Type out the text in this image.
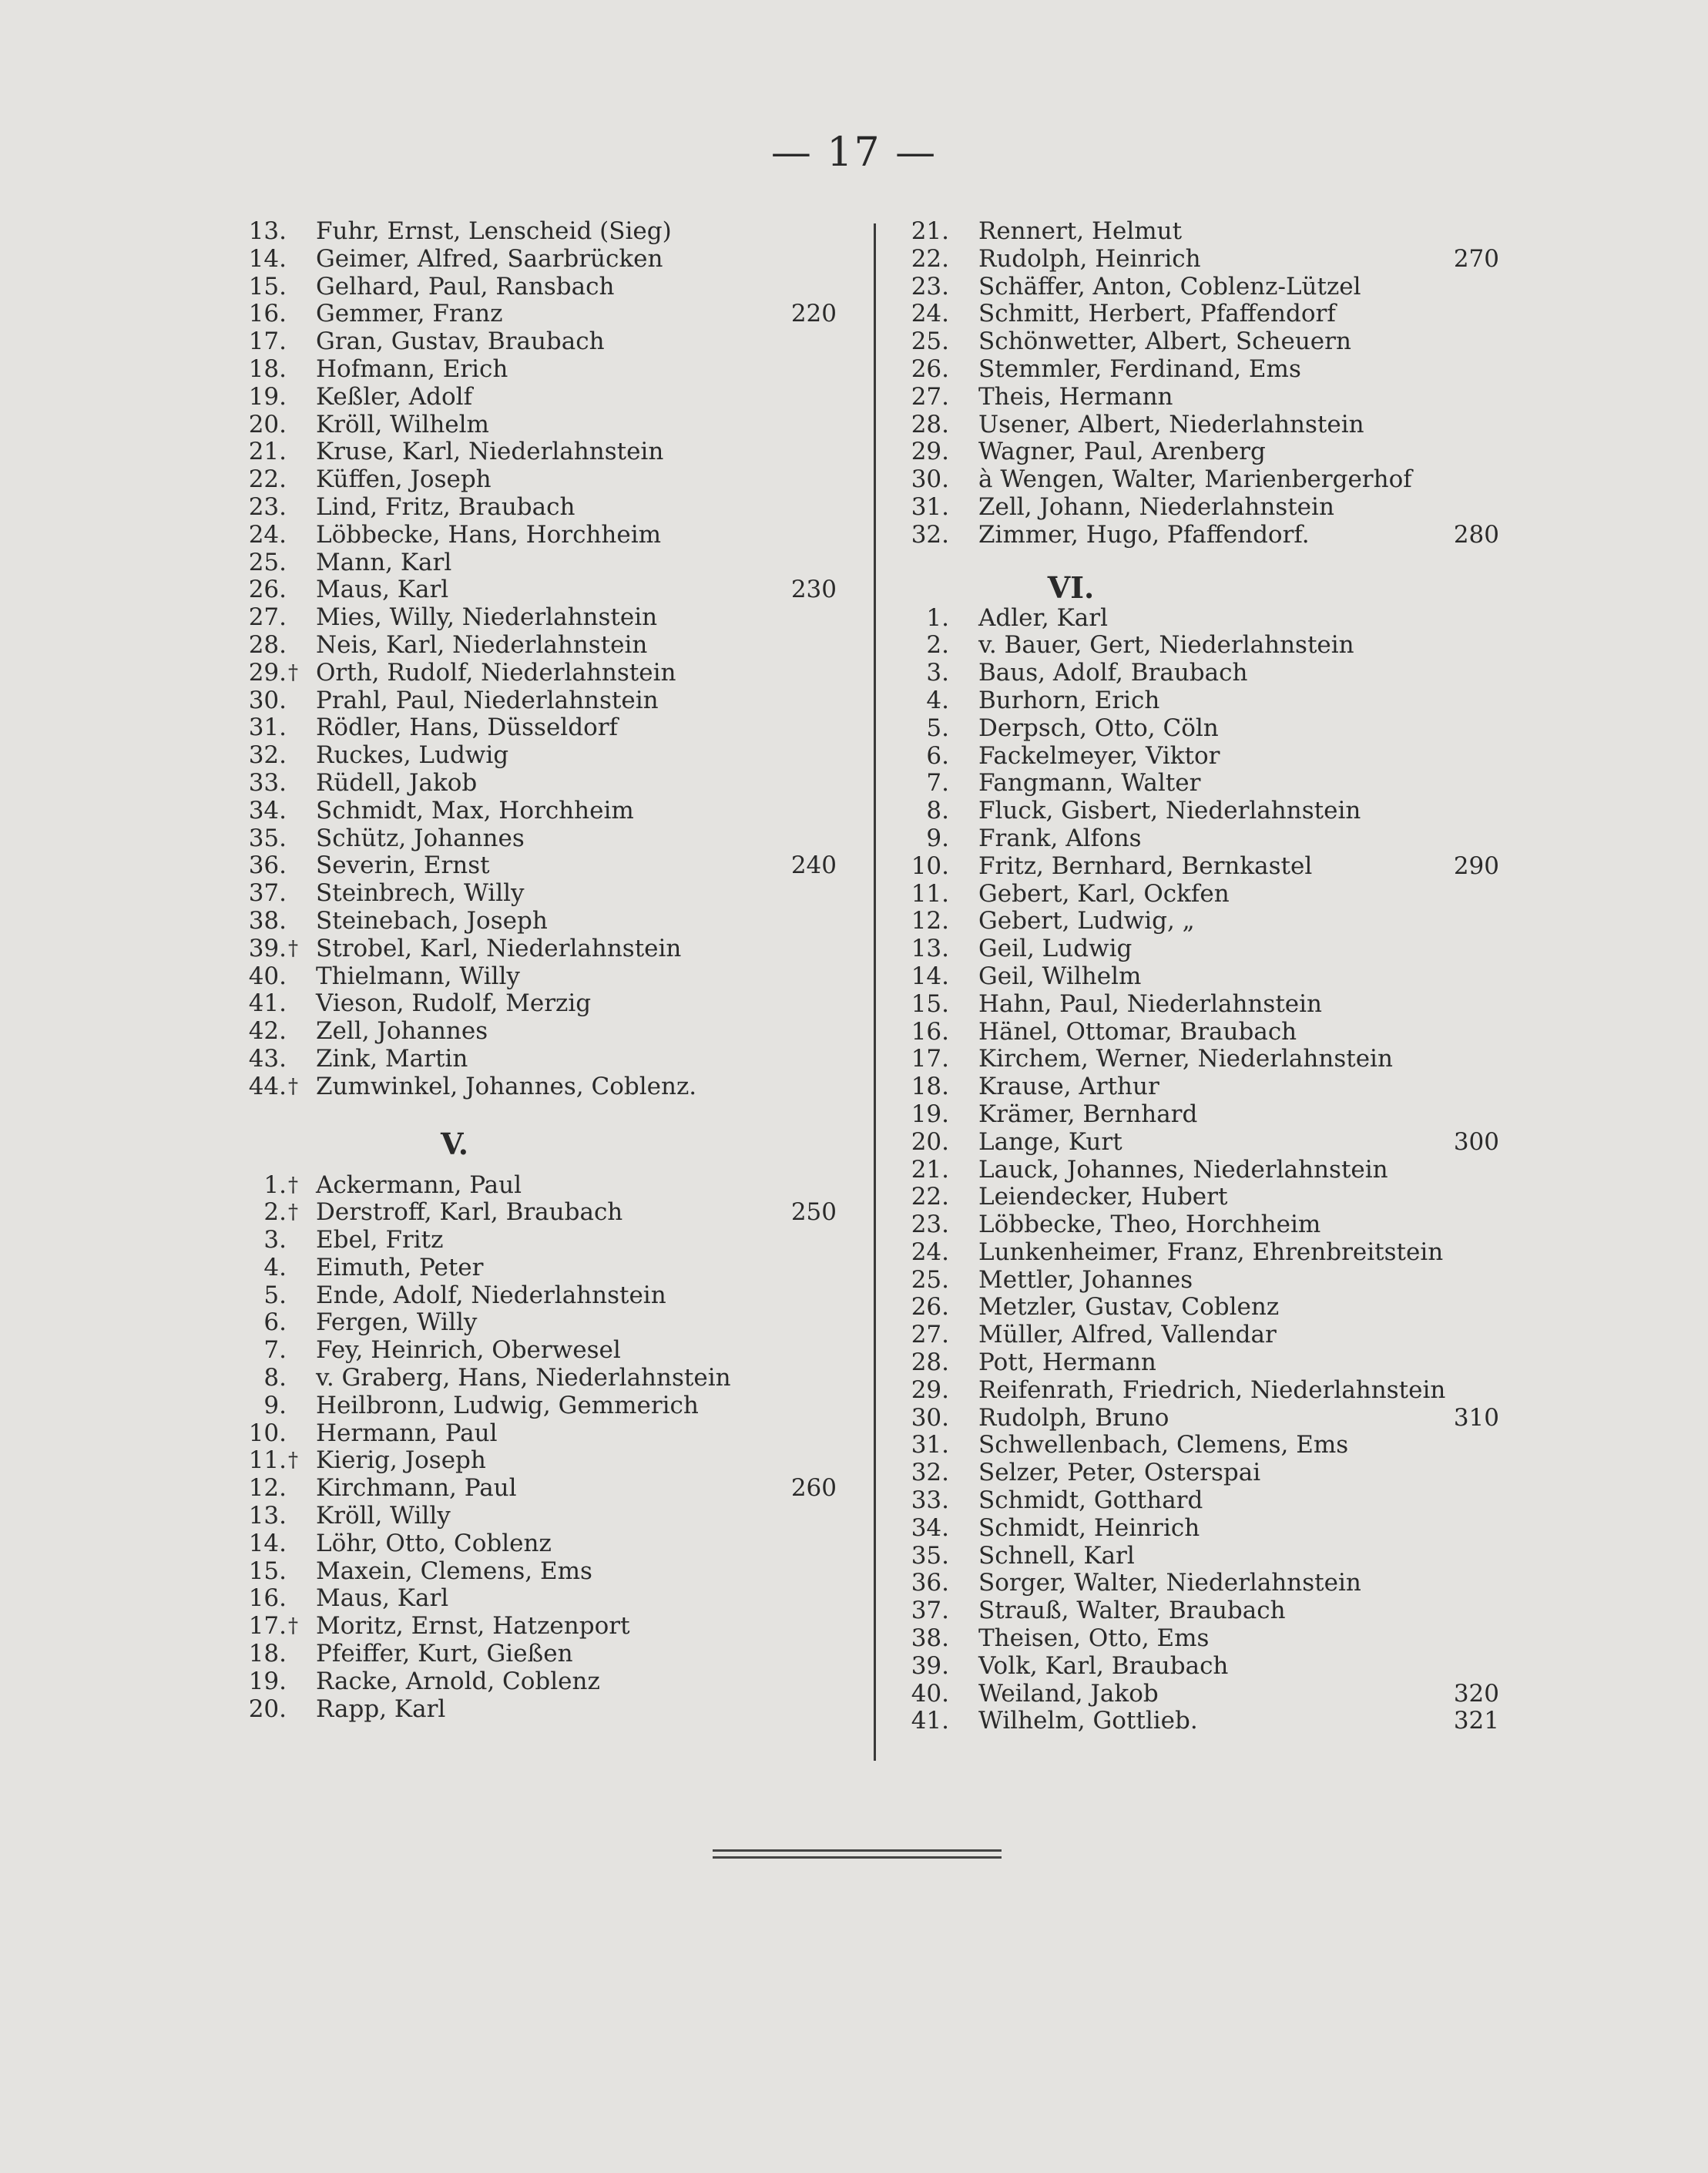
— 17 —
13. Fuhr, Ernst, Lenscheid (Sieg)
14. Geimer, Alfred, Saarbrücken
15. Gelhard, Paul, Ransbach
16. Gemmer, Franz	220
17. Gran, Gustav, Braubach
18. Hofmann, Erich
19. Keßler, Adolf
20. Kröll, Wilhelm
21. Kruse, Karl, Niederlahnstein
22. Küffen, Joseph
23. Lind, Fritz, Braubach
24. Löbbecke, Hans, Horchheim
25. Mann, Karl
26. Maus, Karl	230
27. Mies, Willy, Niederlahnstein
28. Neis, Karl, Niederlahnstein
29. † Orth, Rudolf, Niederlahnstein
30. Prahl, Paul, Niederlahnstein
31. Rödler, Hans, Düsseldorf
32. Ruckes, Ludwig
33. Rüdell, Jakob
34. Schmidt, Max, Horchheim
35. Schütz, Johannes
36. Severin, Ernst	240
37. Steinbrech, Willy
38. Steinebach, Joseph
39. † Strobel, Karl, Niederlahnstein
40. Thielmann, Willy
41. Vieson, Rudolf, Merzig
42. Zell, Johannes
43. Zink, Martin
44. † Zumwinkel, Johannes, Coblenz.
V.
1. † Ackermann, Paul
2. † Derstroff, Karl, Braubach	250
3. Ebel, Fritz
4. Eimuth, Peter
5. Ende, Adolf, Niederlahnstein
6. Fergen, Willy
7. Fey, Heinrich, Oberwesel
8. v. Graberg, Hans, Niederlahnstein
9. Heilbronn, Ludwig, Gemmerich
10. Hermann, Paul
11. † Kierig, Joseph
12. Kirchmann, Paul	260
13. Kröll, Willy
14. Löhr, Otto, Coblenz
15. Maxein, Clemens, Ems
16. Maus, Karl
17. † Moritz, Ernst, Hatzenport
18. Pfeiffer, Kurt, Gießen
19. Racke, Arnold, Coblenz
20. Rapp, Karl
21. Rennert, Helmut
22. Rudolph, Heinrich	270
23. Schäffer, Anton, Coblenz-Lützel
24. Schmitt, Herbert, Pfaffendorf
25. Schönwetter, Albert, Scheuern
26. Stemmler, Ferdinand, Ems
27. Theis, Hermann
28. Usener, Albert, Niederlahnstein
29. Wagner, Paul, Arenberg
30. à Wengen, Walter, Marienbergerhof
31. Zell, Johann, Niederlahnstein
32. Zimmer, Hugo, Pfaffendorf.	280
VI.
1. Adler, Karl
2. v. Bauer, Gert, Niederlahnstein
3. Baus, Adolf, Braubach
4. Burhorn, Erich
5. Derpsch, Otto, Cöln
6. Fackelmeyer, Viktor
7. Fangmann, Walter
8. Fluck, Gisbert, Niederlahnstein
9. Frank, Alfons
10. Fritz, Bernhard, Bernkastel	290
11. Gebert, Karl, Ockfen
12. Gebert, Ludwig, „
13. Geil, Ludwig
14. Geil, Wilhelm
15. Hahn, Paul, Niederlahnstein
16. Hänel, Ottomar, Braubach
17. Kirchem, Werner, Niederlahnstein
18. Krause, Arthur
19. Krämer, Bernhard
20. Lange, Kurt	300
21. Lauck, Johannes, Niederlahnstein
22. Leiendecker, Hubert
23. Löbbecke, Theo, Horchheim
24. Lunkenheimer, Franz, Ehrenbreitstein
25. Mettler, Johannes
26. Metzler, Gustav, Coblenz
27. Müller, Alfred, Vallendar
28. Pott, Hermann
29. Reifenrath, Friedrich, Niederlahnstein
30. Rudolph, Bruno	310
31. Schwellenbach, Clemens, Ems
32. Selzer, Peter, Osterspai
33. Schmidt, Gotthard
34. Schmidt, Heinrich
35. Schnell, Karl
36. Sorger, Walter, Niederlahnstein
37. Strauß, Walter, Braubach
38. Theisen, Otto, Ems
39. Volk, Karl, Braubach
40. Weiland, Jakob	320
41. Wilhelm, Gottlieb.	321
